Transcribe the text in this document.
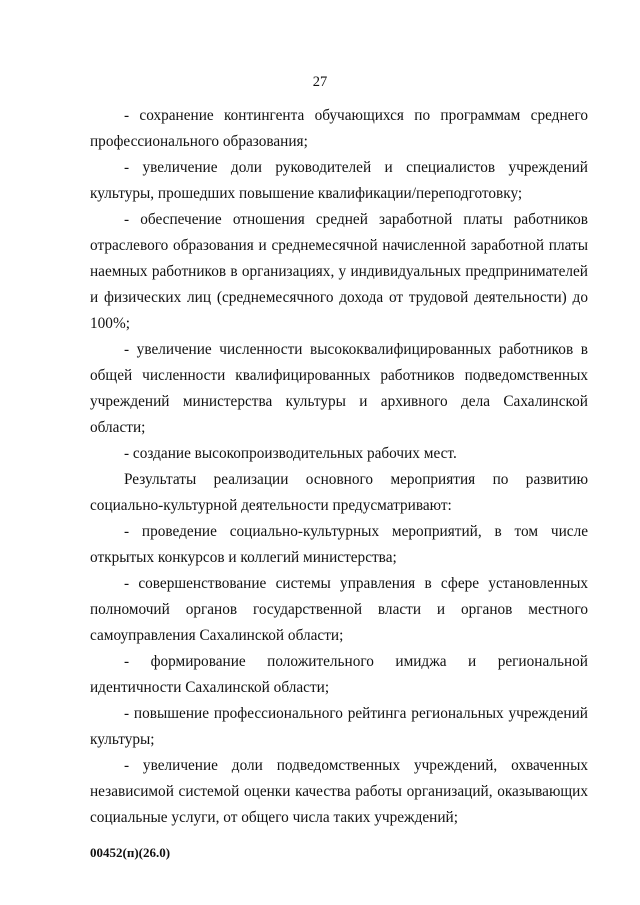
27

- сохранение контингента обучающихся по программам среднего профессионального образования;

- увеличение доли руководителей и специалистов учреждений культуры, прошедших повышение квалификации/переподготовку;

- обеспечение отношения средней заработной платы работников отраслевого образования и среднемесячной начисленной заработной платы наемных работников в организациях, у индивидуальных предпринимателей и физических лиц (среднемесячного дохода от трудовой деятельности) до 100%;

- увеличение численности высококвалифицированных работников в общей численности квалифицированных работников подведомственных учреждений министерства культуры и архивного дела Сахалинской области;

- создание высокопроизводительных рабочих мест.

Результаты реализации основного мероприятия по развитию социально-культурной деятельности предусматривают:

- проведение социально-культурных мероприятий, в том числе открытых конкурсов и коллегий министерства;

- совершенствование системы управления в сфере установленных полномочий органов государственной власти и органов местного самоуправления Сахалинской области;

- формирование положительного имиджа и региональной идентичности Сахалинской области;

- повышение профессионального рейтинга региональных учреждений культуры;

- увеличение доли подведомственных учреждений, охваченных независимой системой оценки качества работы организаций, оказывающих социальные услуги, от общего числа таких учреждений;

00452(п)(26.0)
